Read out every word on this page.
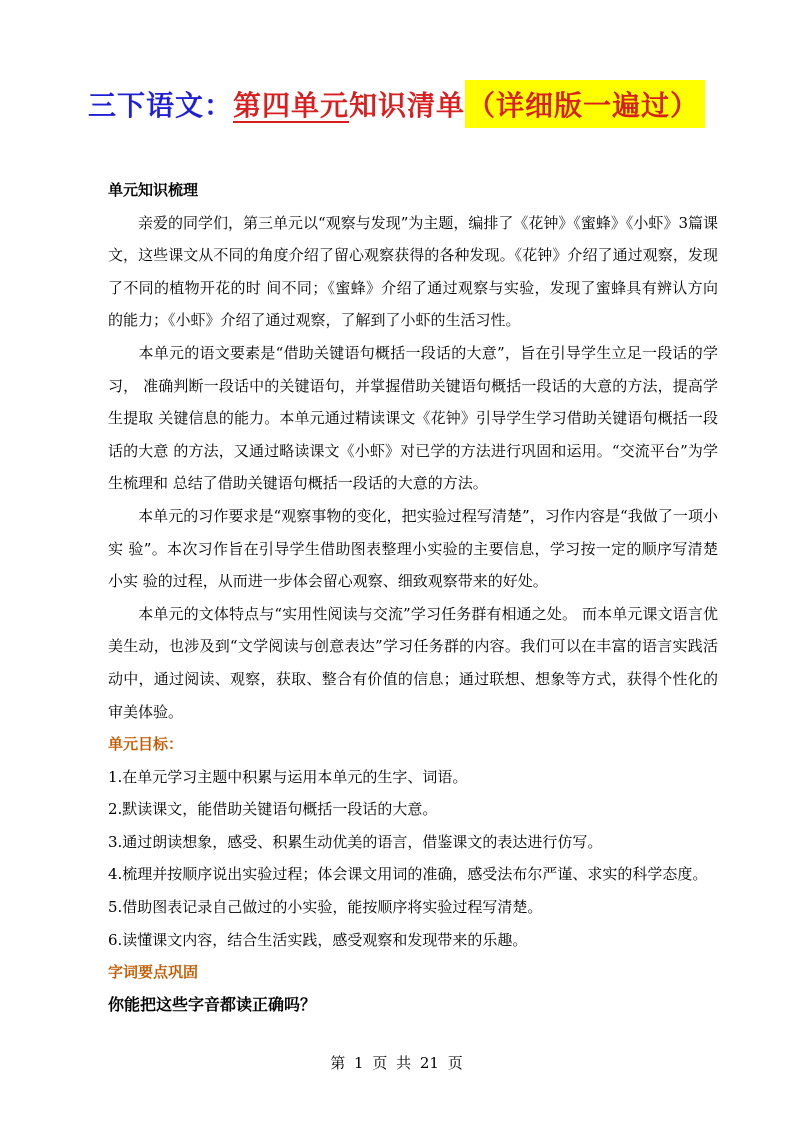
三下语文： 第四单元 知识清单 （详细版一遍过）
单元知识梳理

　　亲爱的同学们，第三单元以“观察与发现”为主题，编排了《花钟》《蜜蜂》《小虾》3篇课文，这些课文从不同的角度介绍了留心观察获得的各种发现。《花钟》介绍了通过观察，发现了不同的植物开花的时 间不同；《蜜蜂》介绍了通过观察与实验，发现了蜜蜂具有辨认方向的能力；《小虾》介绍了通过观察，了解到了小虾的生活习性。

　　本单元的语文要素是“借助关键语句概括一段话的大意”，旨在引导学生立足一段话的学习， 准确判断一段话中的关键语句，并掌握借助关键语句概括一段话的大意的方法，提高学生提取 关键信息的能力。本单元通过精读课文《花钟》引导学生学习借助关键语句概括一段话的大意 的方法，又通过略读课文《小虾》对已学的方法进行巩固和运用。“交流平台”为学生梳理和 总结了借助关键语句概括一段话的大意的方法。

　　本单元的习作要求是“观察事物的变化，把实验过程写清楚”，习作内容是“我做了一项小实 验”。本次习作旨在引导学生借助图表整理小实验的主要信息，学习按一定的顺序写清楚小实 验的过程，从而进一步体会留心观察、细致观察带来的好处。

　　本单元的文体特点与“实用性阅读与交流”学习任务群有相通之处。 而本单元课文语言优美生动，也涉及到“文学阅读与创意表达”学习任务群的内容。我们可以在丰富的语言实践活动中，通过阅读、观察，获取、整合有价值的信息；通过联想、想象等方式，获得个性化的审美体验。

单元目标：

1.在单元学习主题中积累与运用本单元的生字、词语。

2.默读课文，能借助关键语句概括一段话的大意。

3.通过朗读想象，感受、积累生动优美的语言，借鉴课文的表达进行仿写。

4.梳理并按顺序说出实验过程；体会课文用词的准确，感受法布尔严谨、求实的科学态度。

5.借助图表记录自己做过的小实验，能按顺序将实验过程写清楚。

6.读懂课文内容，结合生活实践，感受观察和发现带来的乐趣。

字词要点巩固
你能把这些字音都读正确吗？
第 1 页 共 21 页
